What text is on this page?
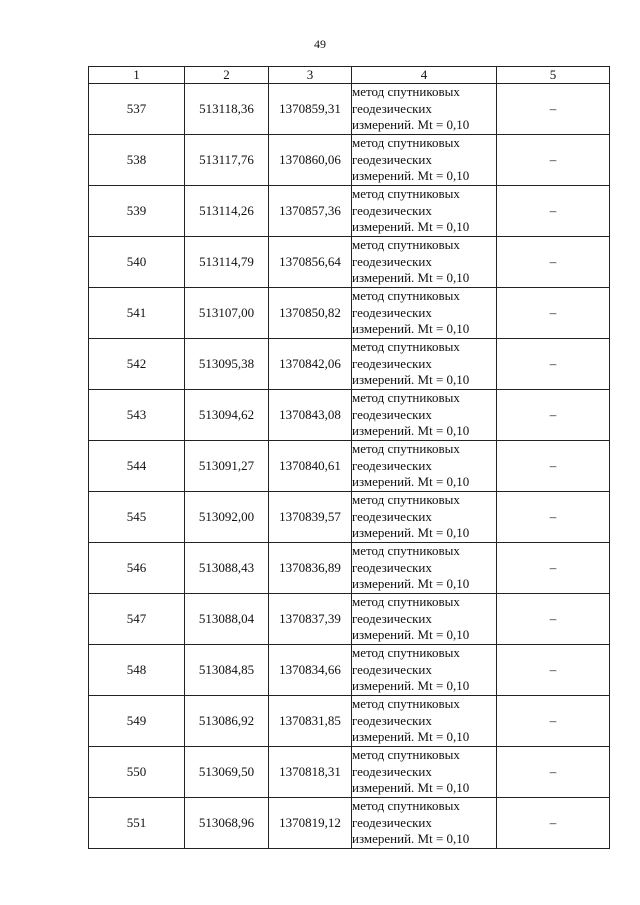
49
1	2	3	4	5
537	513118,36	1370859,31	метод спутниковых
геодезических
измерений. Mt = 0,10	–
538	513117,76	1370860,06	метод спутниковых
геодезических
измерений. Mt = 0,10	–
539	513114,26	1370857,36	метод спутниковых
геодезических
измерений. Mt = 0,10	–
540	513114,79	1370856,64	метод спутниковых
геодезических
измерений. Mt = 0,10	–
541	513107,00	1370850,82	метод спутниковых
геодезических
измерений. Mt = 0,10	–
542	513095,38	1370842,06	метод спутниковых
геодезических
измерений. Mt = 0,10	–
543	513094,62	1370843,08	метод спутниковых
геодезических
измерений. Mt = 0,10	–
544	513091,27	1370840,61	метод спутниковых
геодезических
измерений. Mt = 0,10	–
545	513092,00	1370839,57	метод спутниковых
геодезических
измерений. Mt = 0,10	–
546	513088,43	1370836,89	метод спутниковых
геодезических
измерений. Mt = 0,10	–
547	513088,04	1370837,39	метод спутниковых
геодезических
измерений. Mt = 0,10	–
548	513084,85	1370834,66	метод спутниковых
геодезических
измерений. Mt = 0,10	–
549	513086,92	1370831,85	метод спутниковых
геодезических
измерений. Mt = 0,10	–
550	513069,50	1370818,31	метод спутниковых
геодезических
измерений. Mt = 0,10	–
551	513068,96	1370819,12	метод спутниковых
геодезических
измерений. Mt = 0,10	–
